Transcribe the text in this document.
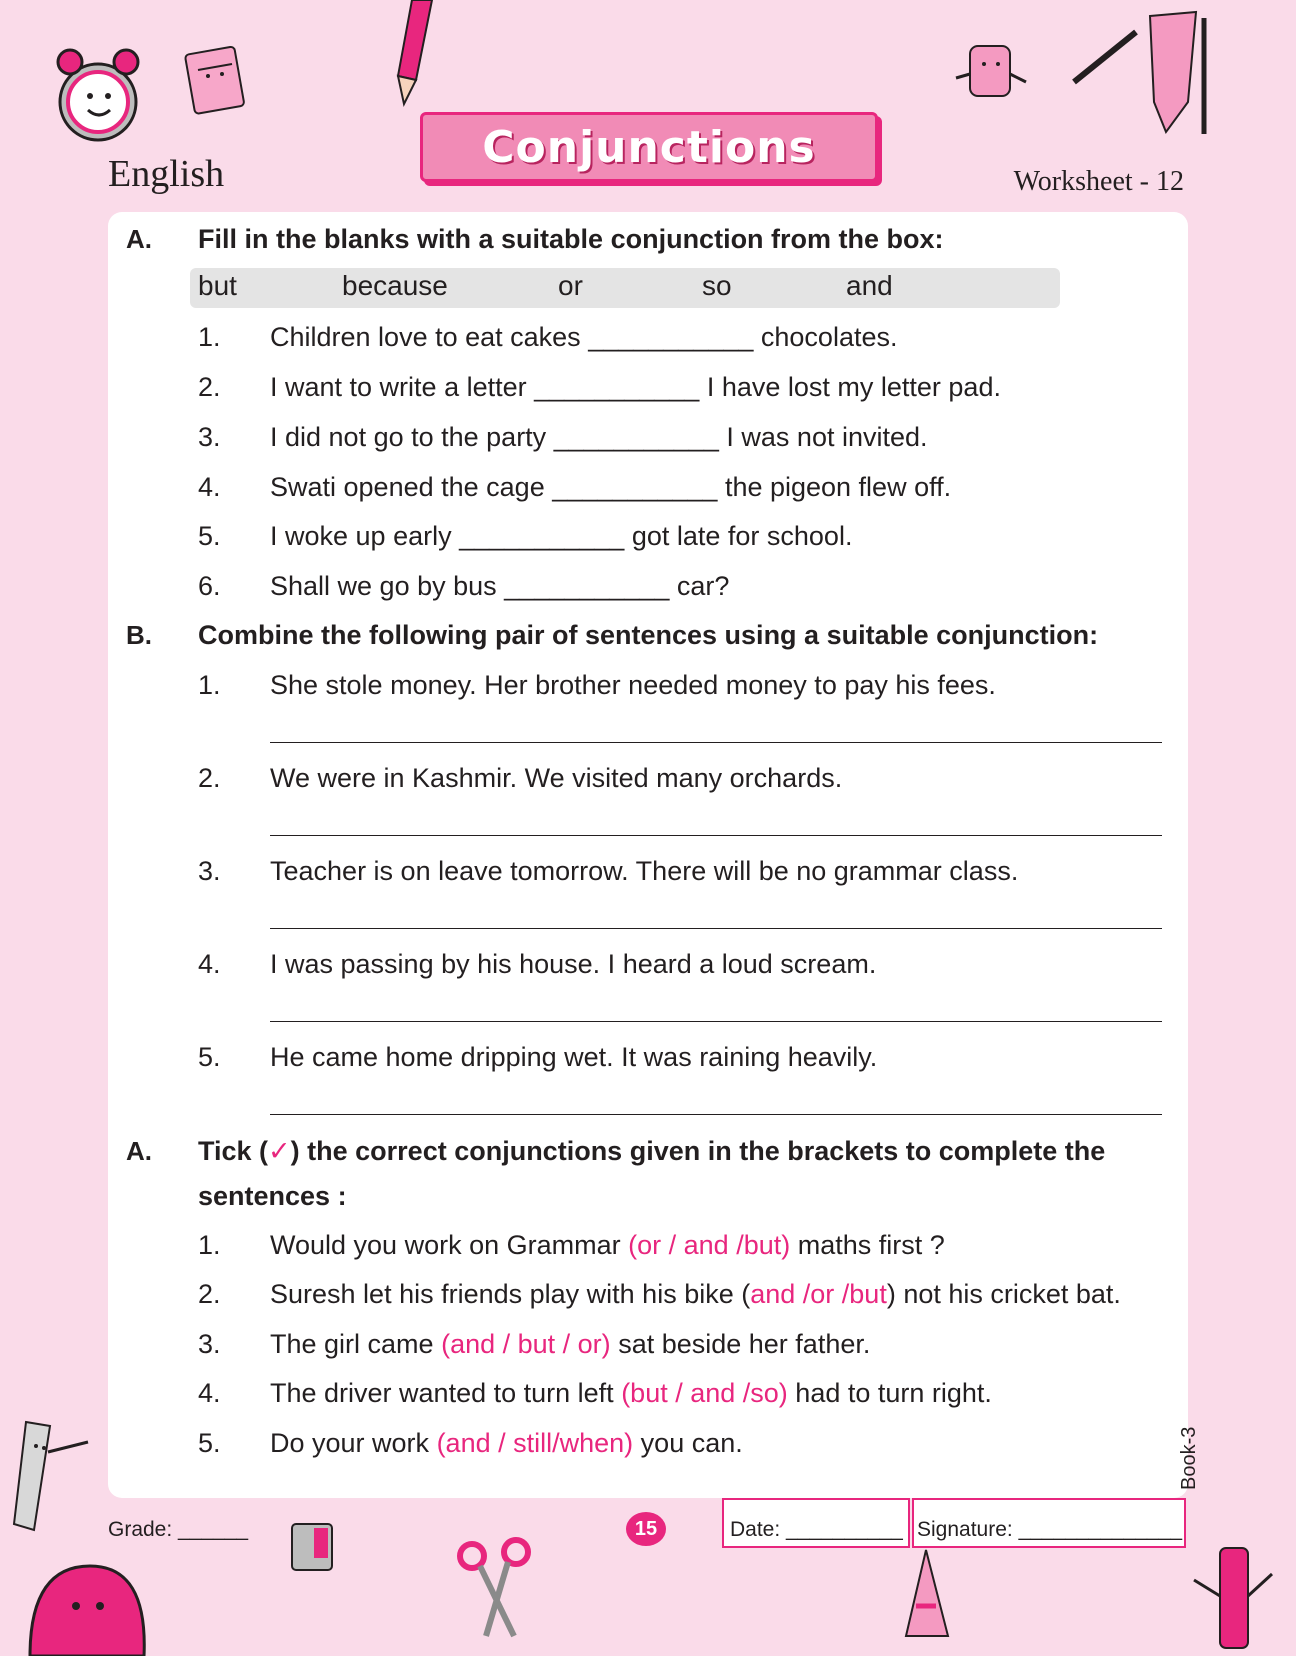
English
Conjunctions
Worksheet - 12
A. Fill in the blanks with a suitable conjunction from the box:
but	because	or	so	and
1. Children love to eat cakes ___________ chocolates.
2. I want to write a letter ___________ I have lost my letter pad.
3. I did not go to the party ___________ I was not invited.
4. Swati opened the cage ___________ the pigeon flew off.
5. I woke up early ___________ got late for school.
6. Shall we go by bus ___________ car?
B. Combine the following pair of sentences using a suitable conjunction:
1. She stole money. Her brother needed money to pay his fees.
2. We were in Kashmir. We visited many orchards.
3. Teacher is on leave tomorrow. There will be no grammar class.
4. I was passing by his house. I heard a loud scream.
5. He came home dripping wet. It was raining heavily.
A. Tick (✓) the correct conjunctions given in the brackets to complete the
sentences :
1. Would you work on Grammar (or / and /but) maths first ?
2. Suresh let his friends play with his bike (and /or /but) not his cricket bat.
3. The girl came (and / but / or) sat beside her father.
4. The driver wanted to turn left (but / and /so) had to turn right.
5. Do your work (and / still/when) you can.	Book-3
Grade: ______	15	Date: __________ Signature: ______________
